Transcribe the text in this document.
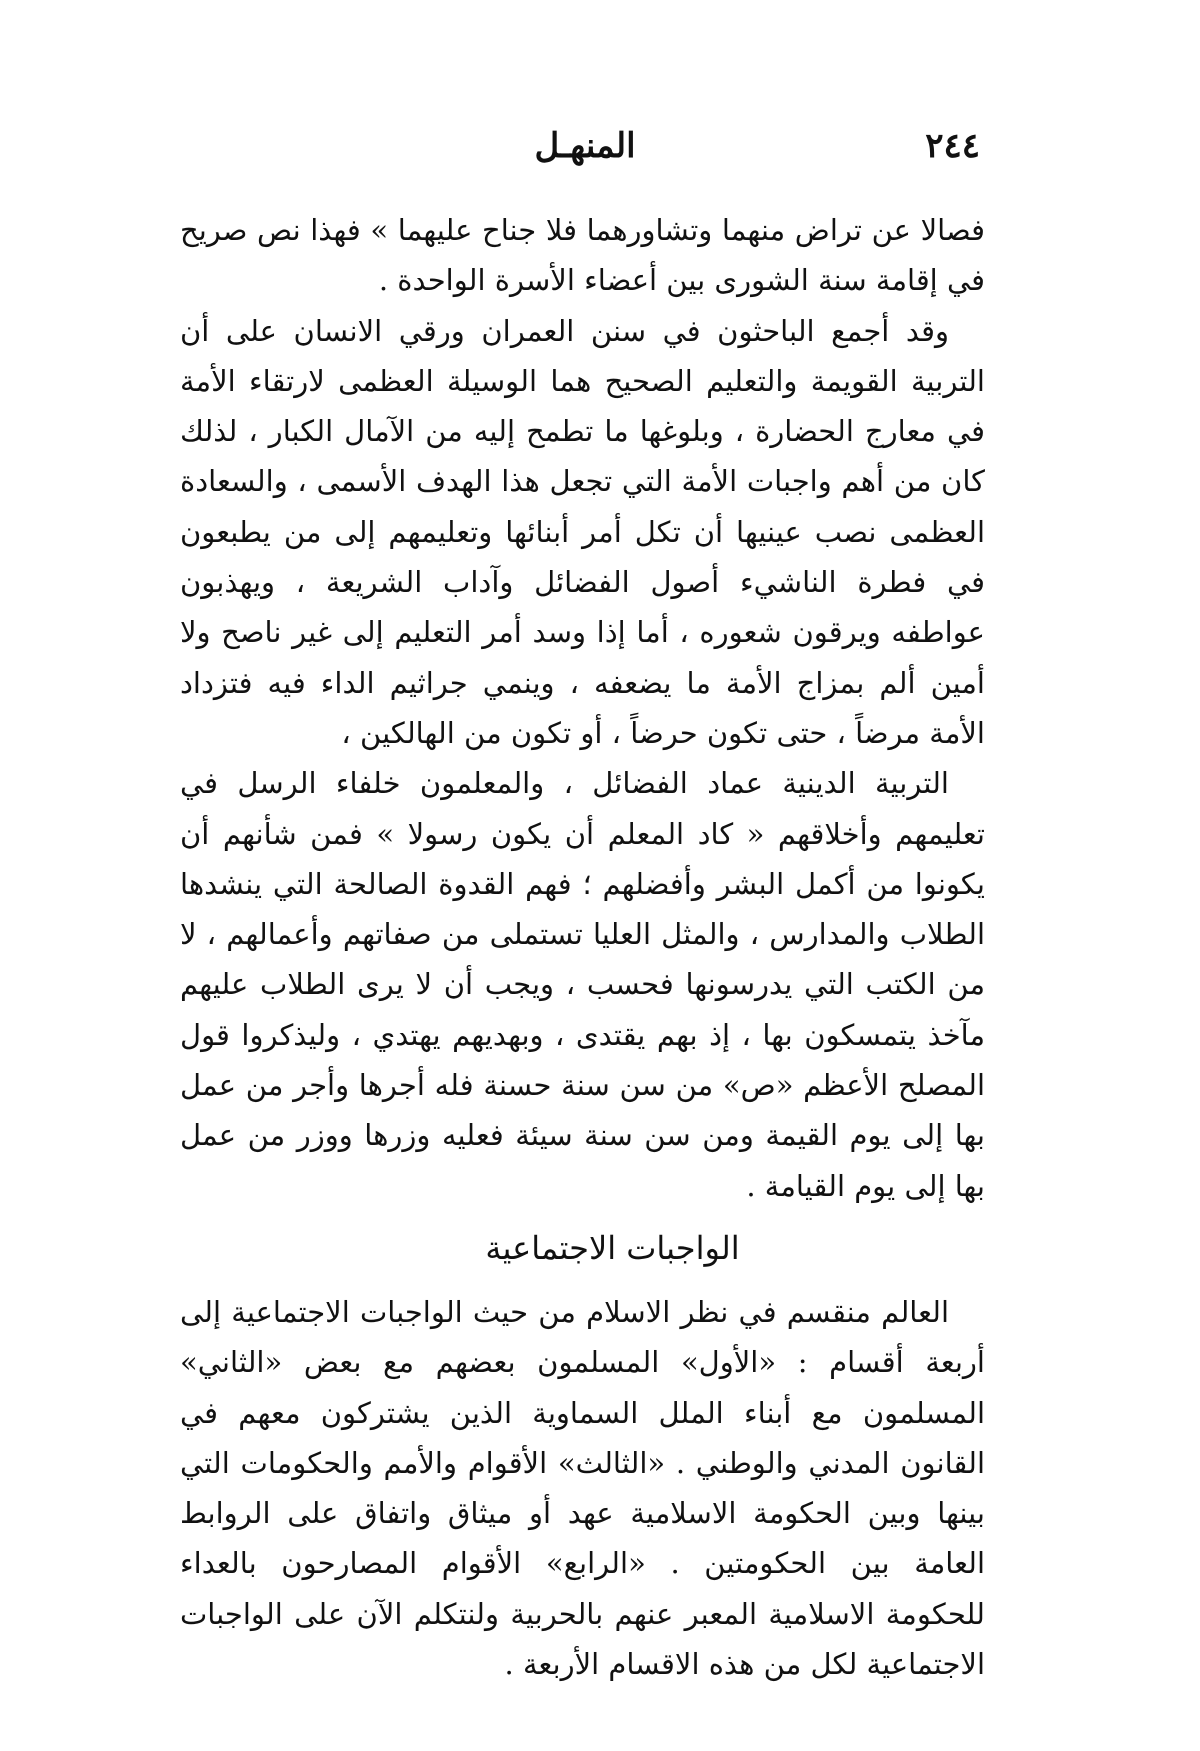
٢٤٤
المنهـل

فصالا عن تراض منهما وتشاورهما فلا جناح عليهما » فهذا نص صريح في إقامة سنة الشورى بين أعضاء الأسرة الواحدة .

وقد أجمع الباحثون في سنن العمران ورقي الانسان على أن التربية القويمة والتعليم الصحيح هما الوسيلة العظمى لارتقاء الأمة في معارج الحضارة ، وبلوغها ما تطمح إليه من الآمال الكبار ، لذلك كان من أهم واجبات الأمة التي تجعل هذا الهدف الأسمى ، والسعادة العظمى نصب عينيها أن تكل أمر أبنائها وتعليمهم إلى من يطبعون في فطرة الناشيء أصول الفضائل وآداب الشريعة ، ويهذبون عواطفه ويرقون شعوره ، أما إذا وسد أمر التعليم إلى غير ناصح ولا أمين ألم بمزاج الأمة ما يضعفه ، وينمي جراثيم الداء فيه فتزداد الأمة مرضاً ، حتى تكون حرضاً ، أو تكون من الهالكين ،

التربية الدينية عماد الفضائل ، والمعلمون خلفاء الرسل في تعليمهم وأخلاقهم « كاد المعلم أن يكون رسولا » فمن شأنهم أن يكونوا من أكمل البشر وأفضلهم ؛ فهم القدوة الصالحة التي ينشدها الطلاب والمدارس ، والمثل العليا تستملى من صفاتهم وأعمالهم ، لا من الكتب التي يدرسونها فحسب ، ويجب أن لا يرى الطلاب عليهم مآخذ يتمسكون بها ، إذ بهم يقتدى ، وبهديهم يهتدي ، وليذكروا قول المصلح الأعظم «ص» من سن سنة حسنة فله أجرها وأجر من عمل بها إلى يوم القيمة ومن سن سنة سيئة فعليه وزرها ووزر من عمل بها إلى يوم القيامة .

الواجبات الاجتماعية

العالم منقسم في نظر الاسلام من حيث الواجبات الاجتماعية إلى أربعة أقسام : «الأول» المسلمون بعضهم مع بعض «الثاني» المسلمون مع أبناء الملل السماوية الذين يشتركون معهم في القانون المدني والوطني . «الثالث» الأقوام والأمم والحكومات التي بينها وبين الحكومة الاسلامية عهد أو ميثاق واتفاق على الروابط العامة بين الحكومتين . «الرابع» الأقوام المصارحون بالعداء للحكومة الاسلامية المعبر عنهم بالحربية ولنتكلم الآن على الواجبات الاجتماعية لكل من هذه الاقسام الأربعة .
